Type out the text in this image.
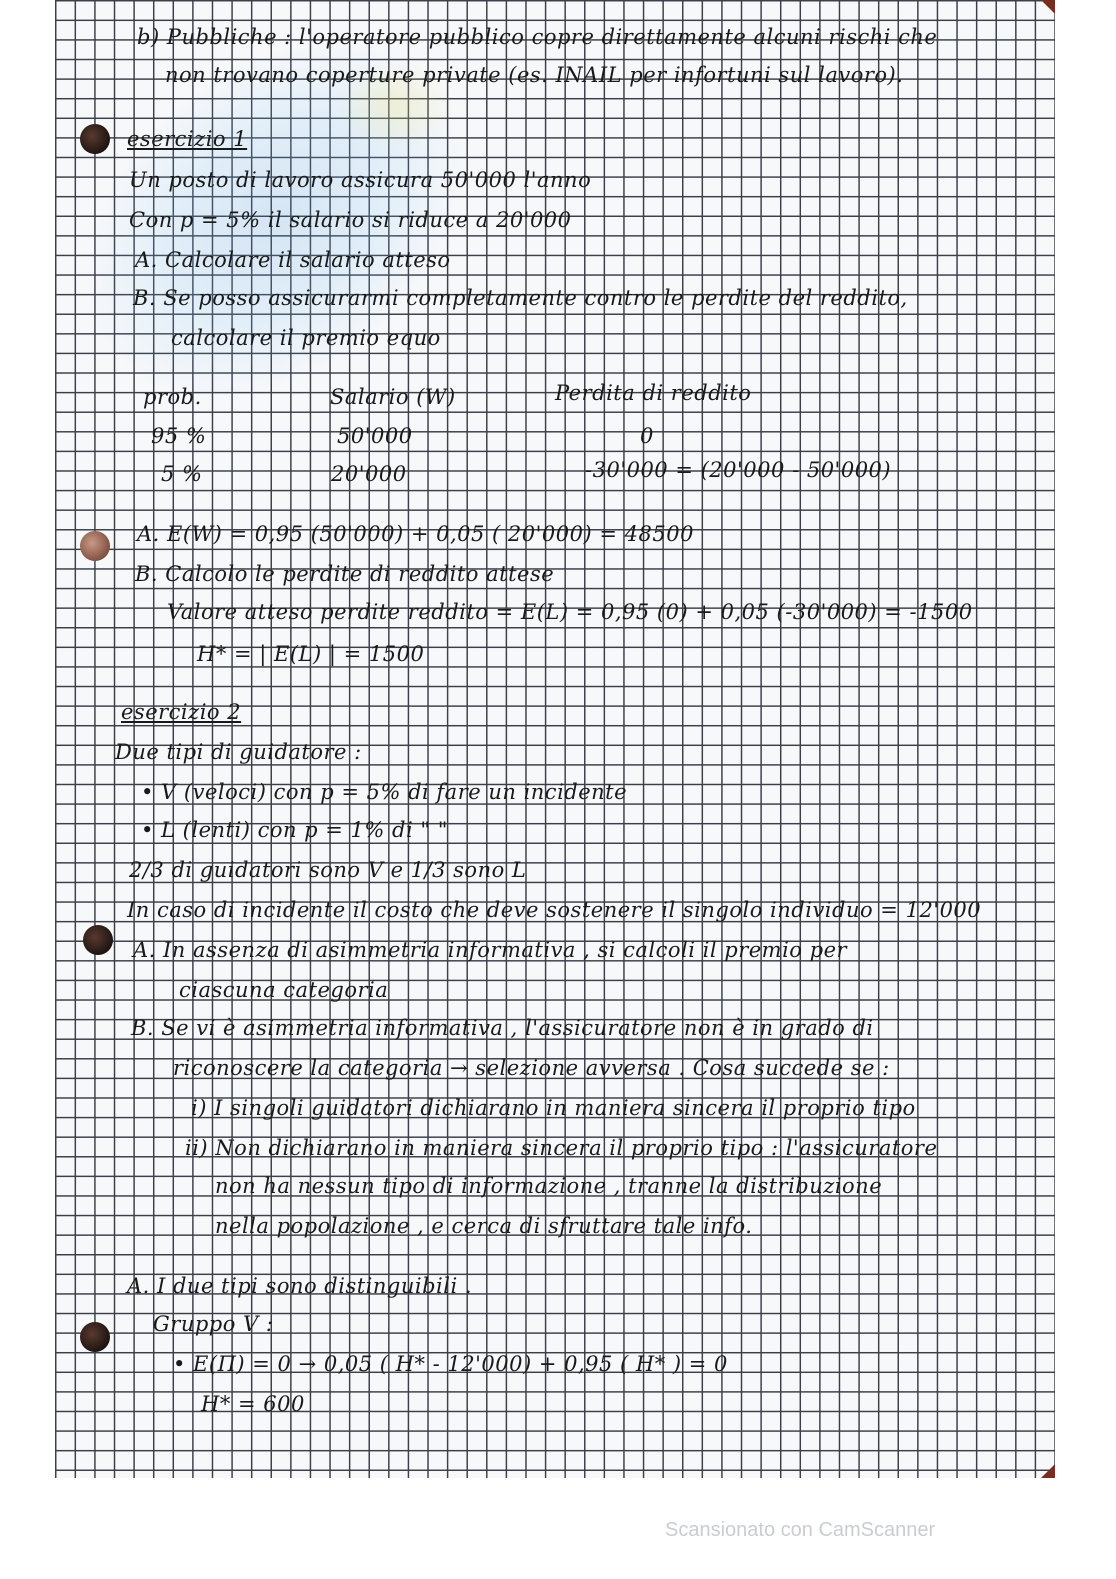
b) Pubbliche : l'operatore pubblico copre direttamente alcuni rischi che
non trovano coperture private (es. INAIL per infortuni sul lavoro).
esercizio 1
Un posto di lavoro assicura 50'000 l'anno
Con p = 5% il salario si riduce a 20'000
A. Calcolare il salario atteso
B. Se posso assicurarmi completamente contro le perdite del reddito,
calcolare il premio equo
prob.	Salario (W)	Perdita di reddito
95 %	50'000	0
5 %	20'000	-30'000 = (20'000 - 50'000)
A. E(W) = 0,95 (50'000) + 0,05 ( 20'000) = 48500
B. Calcolo le perdite di reddito attese
Valore atteso perdite reddito = E(L) = 0,95 (0) + 0,05 (-30'000) = -1500
H* = | E(L) | = 1500
esercizio 2
Due tipi di guidatore :
• V (veloci) con p = 5% di fare un incidente
• L (lenti) con p = 1% di " "
2/3 di guidatori sono V e 1/3 sono L
In caso di incidente il costo che deve sostenere il singolo individuo = 12'000
A. In assenza di asimmetria informativa , si calcoli il premio per
ciascuna categoria
B. Se vi è asimmetria informativa , l'assicuratore non è in grado di
riconoscere la categoria → selezione avversa . Cosa succede se :
i) I singoli guidatori dichiarano in maniera sincera il proprio tipo
ii) Non dichiarano in maniera sincera il proprio tipo : l'assicuratore
non ha nessun tipo di informazione , tranne la distribuzione
nella popolazione , e cerca di sfruttare tale info.
A. I due tipi sono distinguibili .
Gruppo V :
• E(Π) = 0 → 0,05 ( H* - 12'000) + 0,95 ( H* ) = 0
H* = 600
Scansionato con CamScanner
